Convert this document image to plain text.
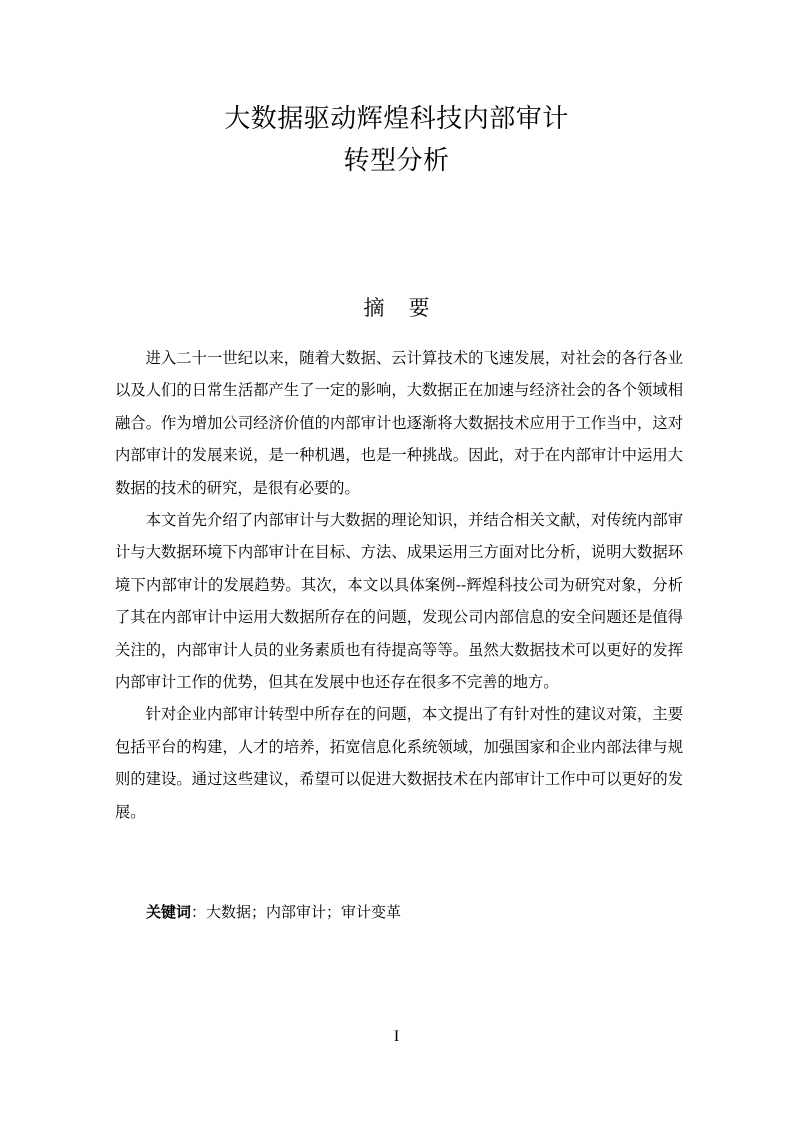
大数据驱动辉煌科技内部审计
转型分析
摘要

进入二十一世纪以来，随着大数据、云计算技术的飞速发展，对社会的各行各业以及人们的日常生活都产生了一定的影响，大数据正在加速与经济社会的各个领域相融合。作为增加公司经济价值的内部审计也逐渐将大数据技术应用于工作当中，这对内部审计的发展来说，是一种机遇，也是一种挑战。因此，对于在内部审计中运用大数据的技术的研究，是很有必要的。

本文首先介绍了内部审计与大数据的理论知识，并结合相关文献，对传统内部审计与大数据环境下内部审计在目标、方法、成果运用三方面对比分析，说明大数据环境下内部审计的发展趋势。其次，本文以具体案例--辉煌科技公司为研究对象，分析了其在内部审计中运用大数据所存在的问题，发现公司内部信息的安全问题还是值得关注的，内部审计人员的业务素质也有待提高等等。虽然大数据技术可以更好的发挥内部审计工作的优势，但其在发展中也还存在很多不完善的地方。

针对企业内部审计转型中所存在的问题，本文提出了有针对性的建议对策，主要包括平台的构建，人才的培养，拓宽信息化系统领域，加强国家和企业内部法律与规则的建设。通过这些建议，希望可以促进大数据技术在内部审计工作中可以更好的发展。

关键词：大数据；内部审计；审计变革
I
